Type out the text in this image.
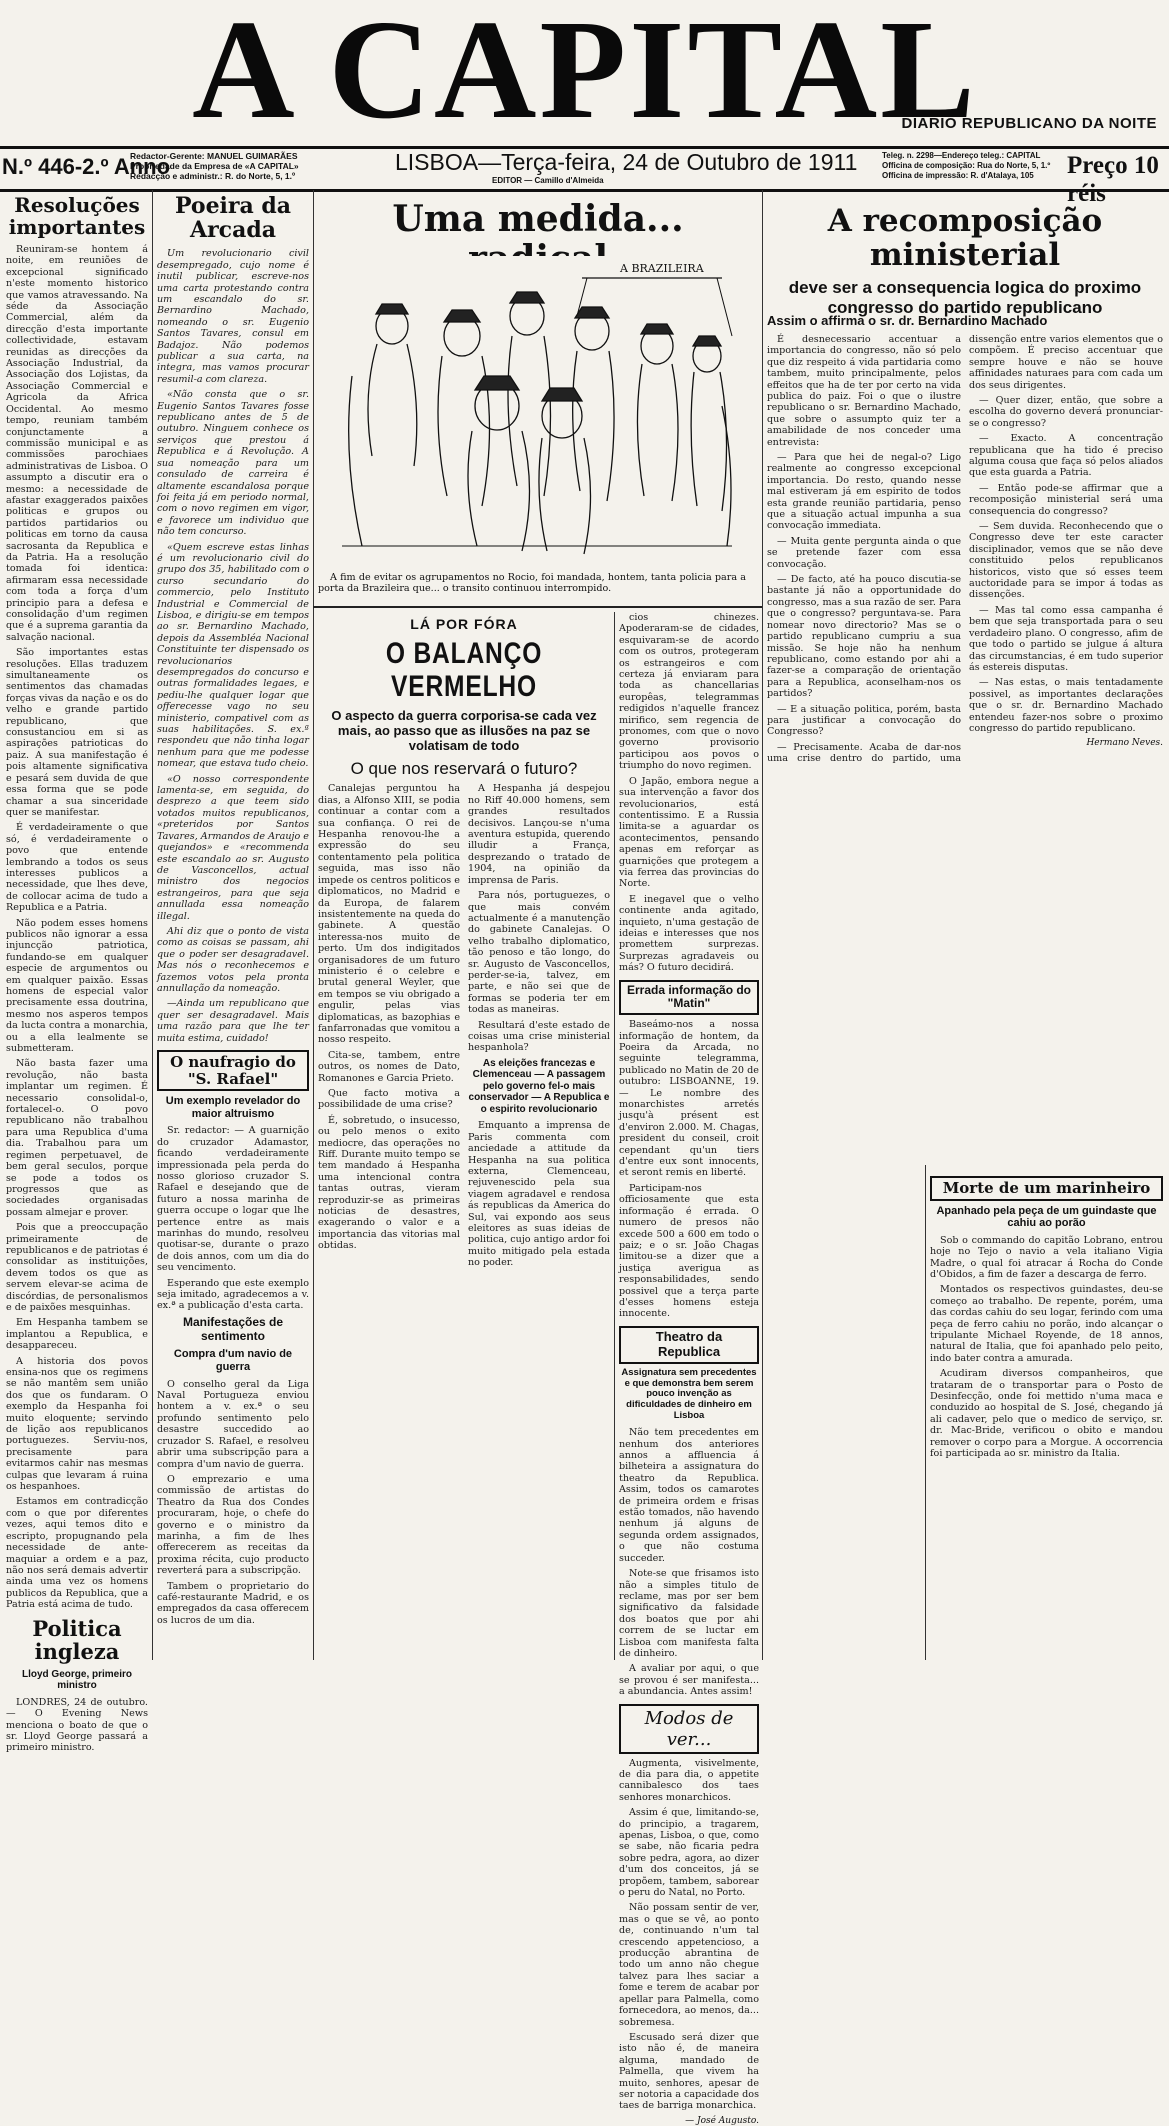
A CAPITAL
DIARIO REPUBLICANO DA NOITE
N.º 446-2.º Anno
Redactor-Gerente: MANUEL GUIMARÃES
Propriedade da Empresa de «A CAPITAL»
Redacção e administr.: R. do Norte, 5, 1.º
LISBOA—Terça-feira, 24 de Outubro de 1911
EDITOR — Camillo d'Almeida
Teleg. n. 2298—Endereço teleg.: CAPITAL
Officina de composição: Rua do Norte, 5, 1.º
Officina de impressão: R. d'Atalaya, 105	Preço 10 réis
Resoluções importantes

Reuniram-se hontem á noite, em reuniões de excepcional significado n'este momento historico que vamos atravessando. Na séde da Associação Commercial, além da direcção d'esta importante collectividade, estavam reunidas as direcções da Associação Industrial, da Associação dos Lojistas, da Associação Commercial e Agricola da Africa Occidental. Ao mesmo tempo, reuniam também conjunctamente a commissão municipal e as commissões parochiaes administrativas de Lisboa. O assumpto a discutir era o mesmo: a necessidade de afastar exaggerados paixões politicas e grupos ou partidos partidarios ou politicas em torno da causa sacrosanta da Republica e da Patria. Ha a resolução tomada foi identica: afirmaram essa necessidade com toda a força d'um principio para a defesa e consolidação d'um regimen que é a suprema garantia da salvação nacional.

São importantes estas resoluções. Ellas traduzem simultaneamente os sentimentos das chamadas forças vivas da nação e os do velho e grande partido republicano, que consustanciou em si as aspirações patrioticas do paiz. A sua manifestação é pois altamente significativa e pesará sem duvida de que essa forma que se pode chamar a sua sinceridade quer se manifestar.

É verdadeiramente o que só, é verdadeiramente o povo que entende lembrando a todos os seus interesses publicos a necessidade, que lhes deve, de collocar acima de tudo a Republica e a Patria.

Não podem esses homens publicos não ignorar a essa injuncção patriotica, fundando-se em qualquer especie de argumentos ou em qualquer paixão. Essas homens de especial valor precisamente essa doutrina, mesmo nos asperos tempos da lucta contra a monarchia, ou a ella lealmente se submetteram.

Não basta fazer uma revolução, não basta implantar um regimen. É necessario consolidal-o, fortalecel-o. O povo republicano não trabalhou para uma Republica d'uma dia. Trabalhou para um regimen perpetuavel, de bem geral seculos, porque se pode a todos os progressos que as sociedades organisadas possam almejar e prover.

Pois que a preoccupação primeiramente de republicanos e de patriotas é consolidar as instituições, devem todos os que as servem elevar-se acima de discórdias, de personalismos e de paixões mesquinhas.

Em Hespanha tambem se implantou a Republica, e desappareceu.

A historia dos povos ensina-nos que os regimens se não mantêm sem união dos que os fundaram. O exemplo da Hespanha foi muito eloquente; servindo de lição aos republicanos portuguezes. Serviu-nos, precisamente para evitarmos cahir nas mesmas culpas que levaram á ruina os hespanhoes.

Estamos em contradicção com o que por diferentes vezes, aqui temos dito e escripto, propugnando pela necessidade de ante-maquiar a ordem e a paz, não nos será demais advertir ainda uma vez os homens publicos da Republica, que a Patria está acima de tudo.

Politica ingleza
Lloyd George, primeiro ministro

LONDRES, 24 de outubro. — O Evening News menciona o boato de que o sr. Lloyd George passará a primeiro ministro.

Poeira da Arcada

Um revolucionario civil desempregado, cujo nome é inutil publicar, escreve-nos uma carta protestando contra um escandalo do sr. Bernardino Machado, nomeando o sr. Eugenio Santos Tavares, consul em Badajoz. Não podemos publicar a sua carta, na integra, mas vamos procurar resumil-a com clareza.

«Não consta que o sr. Eugenio Santos Tavares fosse republicano antes de 5 de outubro. Ninguem conhece os serviços que prestou á Republica e á Revolução. A sua nomeação para um consulado de carreira é altamente escandalosa porque foi feita já em periodo normal, com o novo regimen em vigor, e favorece um individuo que não tem concurso.

«Quem escreve estas linhas é um revolucionario civil do grupo dos 35, habilitado com o curso secundario do commercio, pelo Instituto Industrial e Commercial de Lisboa, e dirigiu-se em tempos ao sr. Bernardino Machado, depois da Assembléa Nacional Constituinte ter dispensado os revolucionarios desempregados do concurso e outras formalidades legaes, e pediu-lhe qualquer logar que offerecesse vago no seu ministerio, compativel com as suas habilitações. S. ex.ª respondeu que não tinha logar nenhum para que me podesse nomear, que estava tudo cheio.

«O nosso correspondente lamenta-se, em seguida, do desprezo a que teem sido votados muitos republicanos, «preteridos por Santos Tavares, Armandos de Araujo e quejandos» e «recommenda este escandalo ao sr. Augusto de Vasconcellos, actual ministro dos negocios estrangeiros, para que seja annullada essa nomeação illegal.

Ahi diz que o ponto de vista como as coisas se passam, ahi que o poder ser desagradavel. Mas nós o reconhecemos e fazemos votos pela pronta annullação da nomeação.

—Ainda um republicano que quer ser desagradavel. Mais uma razão para que lhe ter muita estima, cuidado!

O naufragio do "S. Rafael"
Um exemplo revelador do maior altruismo

Sr. redactor: — A guarnição do cruzador Adamastor, ficando verdadeiramente impressionada pela perda do nosso glorioso cruzador S. Rafael e desejando que de futuro a nossa marinha de guerra occupe o logar que lhe pertence entre as mais marinhas do mundo, resolveu quotisar-se, durante o prazo de dois annos, com um dia do seu vencimento.

Esperando que este exemplo seja imitado, agradecemos a v. ex.ª a publicação d'esta carta.

Manifestações de sentimento
Compra d'um navio de guerra

O conselho geral da Liga Naval Portugueza enviou hontem a v. ex.ª o seu profundo sentimento pelo desastre succedido ao cruzador S. Rafael, e resolveu abrir uma subscripção para a compra d'um navio de guerra.

O emprezario e uma commissão de artistas do Theatro da Rua dos Condes procuraram, hoje, o chefe do governo e o ministro da marinha, a fim de lhes offerecerem as receitas da proxima récita, cujo producto reverterá para a subscripção.

Tambem o proprietario do café-restaurante Madrid, e os empregados da casa offerecem os lucros de um dia.

Uma medida...
A BRAZILEIRA

A fim de evitar os agrupamentos no Rocio, foi mandada, hontem, tanta policia para a porta da Brazileira que... o transito continuou interrompido.

LÁ POR FÓRA
O BALANÇO VERMELHO
O aspecto da guerra corporisa-se cada vez mais, ao passo que as illusões na paz se volatisam de todo
O que nos reservará o futuro?

Canalejas perguntou ha dias, a Alfonso XIII, se podia continuar a contar com a sua confiança. O rei de Hespanha renovou-lhe a expressão do seu contentamento pela politica seguida, mas isso não impede os centros politicos e diplomaticos, no Madrid e da Europa, de falarem insistentemente na queda do gabinete. A questão interessa-nos muito de perto. Um dos indigitados organisadores de um futuro ministerio é o celebre e brutal general Weyler, que em tempos se viu obrigado a engulir, pelas vias diplomaticas, as bazophias e fanfarronadas que vomitou a nosso respeito.

Cita-se, tambem, entre outros, os nomes de Dato, Romanones e Garcia Prieto.

Que facto motiva a possibilidade de uma crise?

É, sobretudo, o insucesso, ou pelo menos o exito mediocre, das operações no Riff. Durante muito tempo se tem mandado á Hespanha uma intencional contra tantas outras, vieram reproduzir-se as primeiras noticias de desastres, exagerando o valor e a importancia das vitorias mal obtidas.

A Hespanha já despejou no Riff 40.000 homens, sem grandes resultados decisivos. Lançou-se n'uma aventura estupida, querendo illudir a França, desprezando o tratado de 1904, na opinião da imprensa de Paris.

Para nós, portuguezes, o que mais convém actualmente é a manutenção do gabinete Canalejas. O velho trabalho diplomatico, tão penoso e tão longo, do sr. Augusto de Vasconcellos, perder-se-ia, talvez, em parte, e não sei que de formas se poderia ter em todas as maneiras.

Resultará d'este estado de coisas uma crise ministerial hespanhola?

As eleições francezas e Clemenceau — A passagem pelo governo fel-o mais conservador — A Republica e o espirito revolucionario

Emquanto a imprensa de Paris commenta com anciedade a attitude da Hespanha na sua politica externa, Clemenceau, rejuvenescido pela sua viagem agradavel e rendosa ás republicas da America do Sul, vai expondo aos seus eleitores as suas ideias de politica, cujo antigo ardor foi muito mitigado pela estada no poder.

cios chinezes. Apoderaram-se de cidades, esquivaram-se de acordo com os outros, protegeram os estrangeiros e com certeza já enviaram para toda as chancellarias europêas, telegrammas redigidos n'aquelle francez mirifico, sem regencia de pronomes, com que o novo governo provisorio participou aos povos o triumpho do novo regimen.

O Japão, embora negue a sua intervenção a favor dos revolucionarios, está contentissimo. E a Russia limita-se a aguardar os acontecimentos, pensando apenas em reforçar as guarnições que protegem a via ferrea das provincias do Norte.

E inegavel que o velho continente anda agitado, inquieto, n'uma gestação de ideias e interesses que nos promettem surprezas. Surprezas agradaveis ou más? O futuro decidirá.

Errada informação do "Matin"

Baseámo-nos a nossa informação de hontem, da Poeira da Arcada, no seguinte telegramma, publicado no Matin de 20 de outubro: LISBOANNE, 19. — Le nombre des monarchistes arretés jusqu'à présent est d'environ 2.000. M. Chagas, president du conseil, croit cependant qu'un tiers d'entre eux sont innocents, et seront remis en liberté.

Participam-nos officiosamente que esta informação é errada. O numero de presos não excede 500 a 600 em todo o paiz; e o sr. João Chagas limitou-se a dizer que a justiça averigua as responsabilidades, sendo possivel que a terça parte d'esses homens esteja innocente.

Theatro da Republica
Assignatura sem precedentes e que demonstra bem serem pouco invenção as dificuldades de dinheiro em Lisboa

Não tem precedentes em nenhum dos anteriores annos a affluencia á bilheteira a assignatura do theatro da Republica. Assim, todos os camarotes de primeira ordem e frisas estão tomados, não havendo nenhum já alguns de segunda ordem assignados, o que não costuma succeder.

Note-se que frisamos isto não a simples titulo de reclame, mas por ser bem significativo da falsidade dos boatos que por ahi correm de se luctar em Lisboa com manifesta falta de dinheiro.

A avaliar por aqui, o que se provou é ser manifesta... a abundancia. Antes assim!

Modos de ver...

Augmenta, visivelmente, de dia para dia, o appetite cannibalesco dos taes senhores monarchicos.

Assim é que, limitando-se, do principio, a tragarem, apenas, Lisboa, o que, como se sabe, não ficaria pedra sobre pedra, agora, ao dizer d'um dos conceitos, já se propõem, tambem, saborear o peru do Natal, no Porto.

Não possam sentir de ver, mas o que se vê, ao ponto de, continuando n'um tal crescendo appetencioso, a producção abrantina de todo um anno não chegue talvez para lhes saciar a fome e terem de acabar por apellar para Palmella, como fornecedora, ao menos, da... sobremesa.

Escusado será dizer que isto não é, de maneira alguma, mandado de Palmella, que vivem ha muito, senhores, apesar de ser notoria a capacidade dos taes de barriga monarchica.

— José Augusto.
A recomposição ministerial
deve ser a consequencia logica do proximo congresso do partido republicano
Assim o affirma o sr. dr. Bernardino Machado

É desnecessario accentuar a importancia do congresso, não só pelo que diz respeito á vida partidaria como tambem, muito principalmente, pelos effeitos que ha de ter por certo na vida publica do paiz. Foi o que o ilustre republicano o sr. Bernardino Machado, que sobre o assumpto quiz ter a amabilidade de nos conceder uma entrevista:

— Para que hei de negal-o? Ligo realmente ao congresso excepcional importancia. Do resto, quando nesse mal estiveram já em espirito de todos esta grande reunião partidaria, penso que a situação actual impunha a sua convocação immediata.

— Muita gente pergunta ainda o que se pretende fazer com essa convocação.

— De facto, até ha pouco discutia-se bastante já não a opportunidade do congresso, mas a sua razão de ser. Para que o congresso? perguntava-se. Para nomear novo directorio? Mas se o partido republicano cumpriu a sua missão. Se hoje não ha nenhum republicano, como estando por ahi a fazer-se a comparação de orientação para a Republica, aconselham-nos os partidos?

— E a situação politica, porém, basta para justificar a convocação do Congresso?

— Precisamente. Acaba de dar-nos uma crise dentro do partido, uma dissenção entre varios elementos que o compõem. É preciso accentuar que sempre houve e não se houve affinidades naturaes para com cada um dos seus dirigentes.

— Quer dizer, então, que sobre a escolha do governo deverá pronunciar-se o congresso?

— Exacto. A concentração republicana que ha tido é preciso alguma cousa que faça só pelos aliados que esta guarda a Patria.

— Então pode-se affirmar que a recomposição ministerial será uma consequencia do congresso?

— Sem duvida. Reconhecendo que o Congresso deve ter este caracter disciplinador, vemos que se não deve constituido pelos republicanos historicos, visto que só esses teem auctoridade para se impor á todas as dissenções.

— Mas tal como essa campanha é bem que seja transportada para o seu verdadeiro plano. O congresso, afim de que todo o partido se julgue á altura das circumstancias, é em tudo superior ás estereis disputas.

— Nas estas, o mais tentadamente possivel, as importantes declarações que o sr. dr. Bernardino Machado entendeu fazer-nos sobre o proximo congresso do partido republicano.

Hermano Neves.

Morte de um marinheiro
Apanhado pela peça de um guindaste que cahiu ao porão

Sob o commando do capitão Lobrano, entrou hoje no Tejo o navio a vela italiano Vigia Madre, o qual foi atracar á Rocha do Conde d'Obidos, a fim de fazer a descarga de ferro.

Montados os respectivos guindastes, deu-se começo ao trabalho. De repente, porém, uma das cordas cahiu do seu logar, ferindo com uma peça de ferro cahiu no porão, indo alcançar o tripulante Michael Royende, de 18 annos, natural de Italia, que foi apanhado pelo peito, indo bater contra a amurada.

Acudiram diversos companheiros, que trataram de o transportar para o Posto de Desinfecção, onde foi mettido n'uma maca e conduzido ao hospital de S. José, chegando já ali cadaver, pelo que o medico de serviço, sr. dr. Mac-Bride, verificou o obito e mandou remover o corpo para a Morgue. A occorrencia foi participada ao sr. ministro da Italia.
